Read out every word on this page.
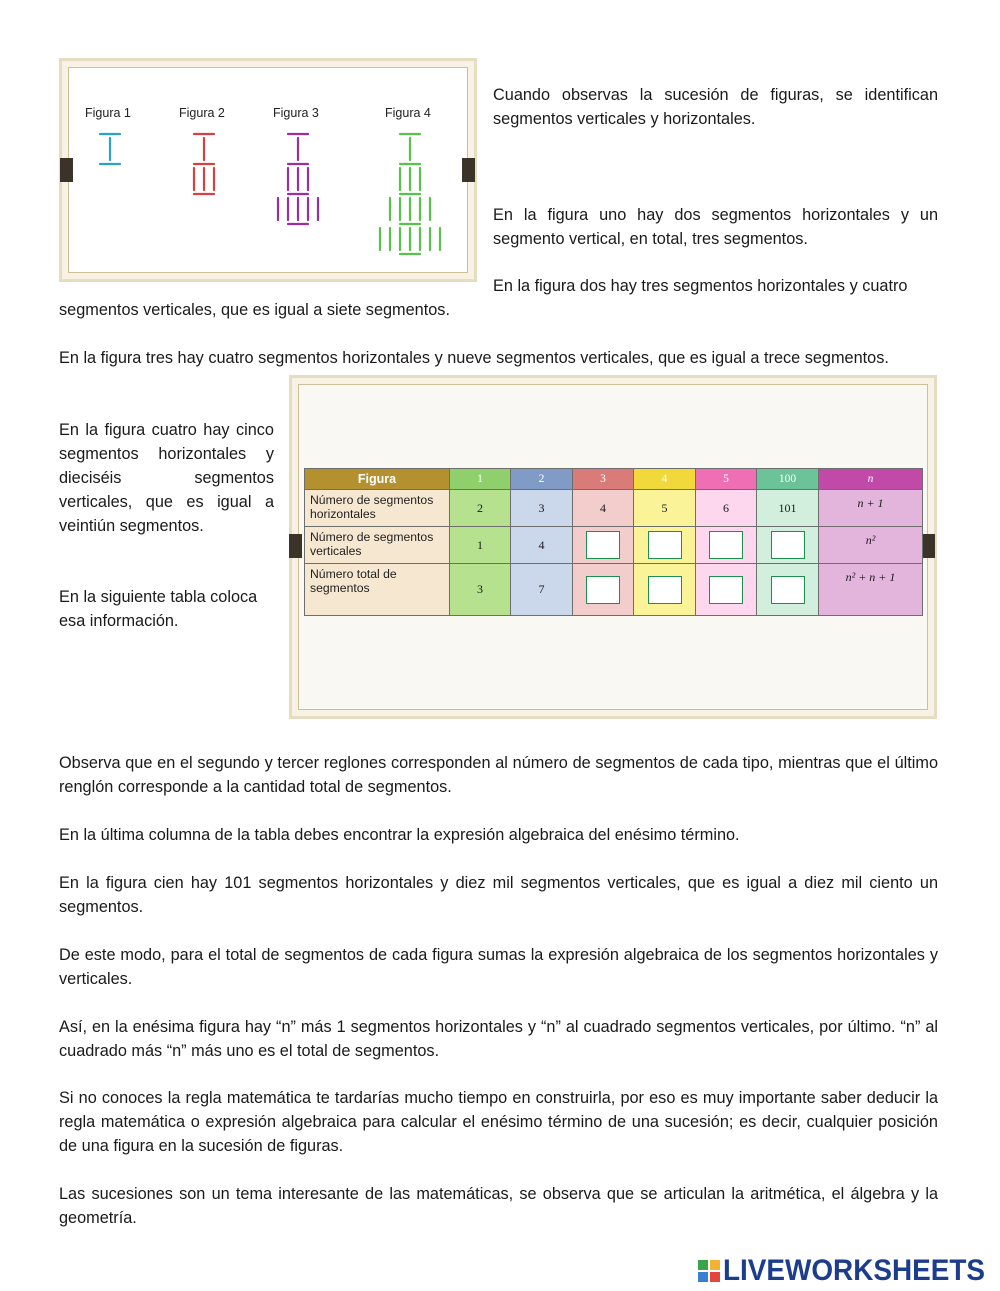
Figura 1	Figura 2	Figura 3	Figura 4
Cuando observas la sucesión de figuras, se identifican segmentos verticales y horizontales.
En la figura uno hay dos segmentos horizontales y un segmento vertical, en total, tres segmentos.
En la figura dos hay tres segmentos horizontales y cuatro
segmentos verticales, que es igual a siete segmentos.
En la figura tres hay cuatro segmentos horizontales y nueve segmentos verticales, que es igual a trece segmentos.
En la figura cuatro hay cinco segmentos horizontales y dieciséis segmentos verticales, que es igual a veintiún segmentos.
En la siguiente tabla coloca esa información.
Figura	1	2	3	4	5	100	n
Número de segmentos horizontales	2	3	4	5	6	101	n + 1
Número de segmentos verticales	1	4					n²
Número total de segmentos	3	7					n² + n + 1
Observa que en el segundo y tercer reglones corresponden al número de segmentos de cada tipo, mientras que el último renglón corresponde a la cantidad total de segmentos.
En la última columna de la tabla debes encontrar la expresión algebraica del enésimo término.
En la figura cien hay 101 segmentos horizontales y diez mil segmentos verticales, que es igual a diez mil ciento un segmentos.
De este modo, para el total de segmentos de cada figura sumas la expresión algebraica de los segmentos horizontales y verticales.
Así, en la enésima figura hay “n” más 1 segmentos horizontales y “n” al cuadrado segmentos verticales, por último. “n” al cuadrado más “n” más uno es el total de segmentos.
Si no conoces la regla matemática te tardarías mucho tiempo en construirla, por eso es muy importante saber deducir la regla matemática o expresión algebraica para calcular el enésimo término de una sucesión; es decir, cualquier posición de una figura en la sucesión de figuras.
Las sucesiones son un tema interesante de las matemáticas, se observa que se articulan la aritmética, el álgebra y la geometría.
LIVEWORKSHEETS
